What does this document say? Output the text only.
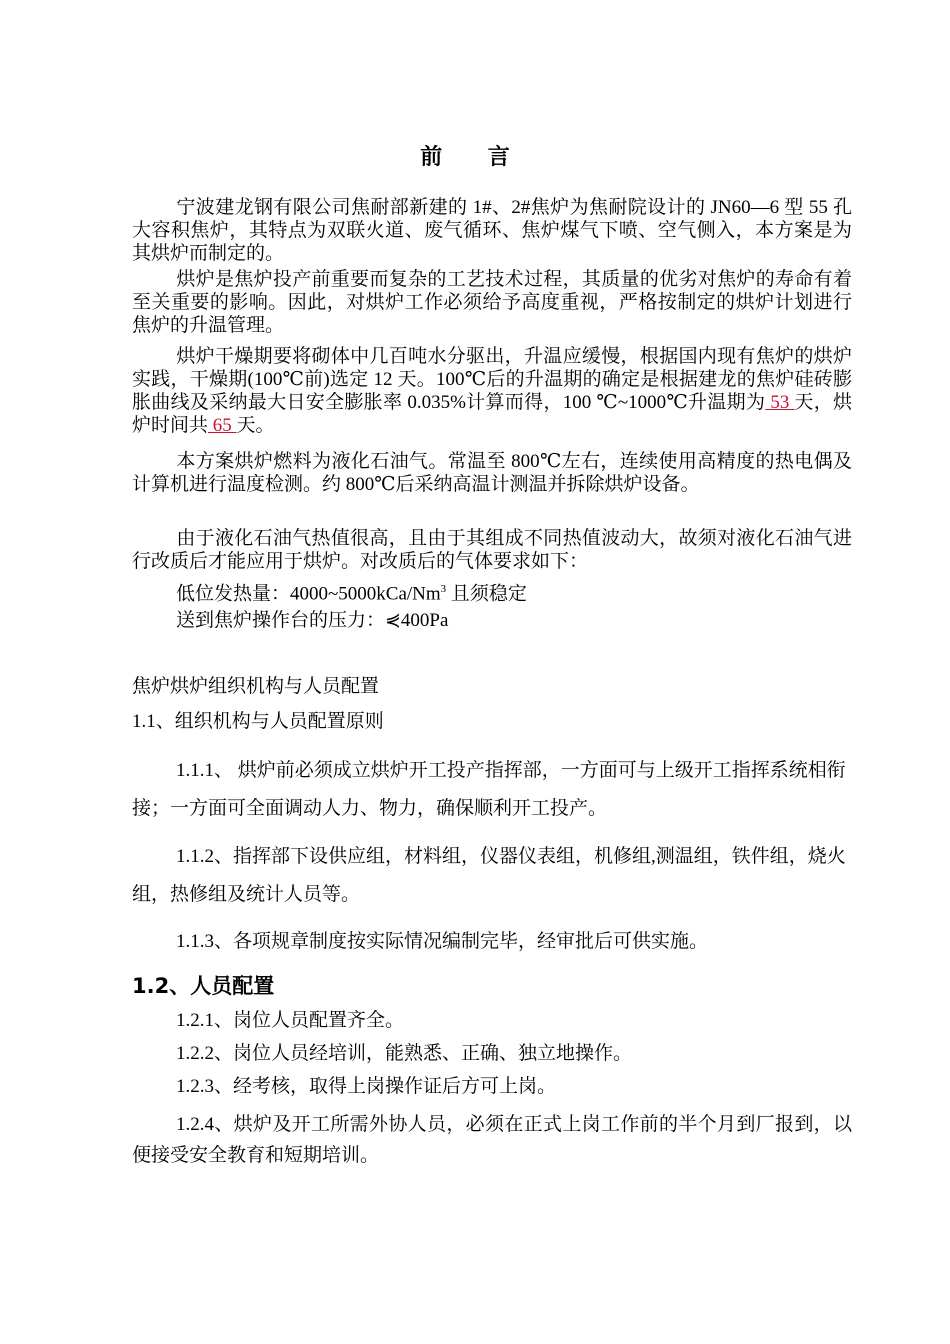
前 言
宁波建龙钢有限公司焦耐部新建的 1#、2#焦炉为焦耐院设计的 JN60—6 型 55 孔大容积焦炉，其特点为双联火道、废气循环、焦炉煤气下喷、空气侧入，本方案是为其烘炉而制定的。
烘炉是焦炉投产前重要而复杂的工艺技术过程，其质量的优劣对焦炉的寿命有着至关重要的影响。因此，对烘炉工作必须给予高度重视，严格按制定的烘炉计划进行焦炉的升温管理。
烘炉干燥期要将砌体中几百吨水分驱出，升温应缓慢，根据国内现有焦炉的烘炉实践，干燥期(100℃前)选定 12 天。100℃后的升温期的确定是根据建龙的焦炉硅砖膨胀曲线及采纳最大日安全膨胀率 0.035%计算而得，100 ℃~1000℃升温期为 53 天，烘炉时间共 65 天。
本方案烘炉燃料为液化石油气。常温至 800℃左右，连续使用高精度的热电偶及计算机进行温度检测。约 800℃后采纳高温计测温并拆除烘炉设备。
由于液化石油气热值很高，且由于其组成不同热值波动大，故须对液化石油气进行改质后才能应用于烘炉。对改质后的气体要求如下：
低位发热量：4000~5000kCa/Nm$^3$ 且须稳定
送到焦炉操作台的压力：⋞400Pa
焦炉烘炉组织机构与人员配置
1.1、组织机构与人员配置原则
1.1.1、 烘炉前必须成立烘炉开工投产指挥部，一方面可与上级开工指挥系统相衔接；一方面可全面调动人力、物力，确保顺利开工投产。
1.1.2、指挥部下设供应组，材料组，仪器仪表组，机修组,测温组，铁件组，烧火组，热修组及统计人员等。
1.1.3、各项规章制度按实际情况编制完毕，经审批后可供实施。
1.2、人员配置
1.2.1、岗位人员配置齐全。
1.2.2、岗位人员经培训，能熟悉、正确、独立地操作。
1.2.3、经考核，取得上岗操作证后方可上岗。
1.2.4、烘炉及开工所需外协人员，必须在正式上岗工作前的半个月到厂报到，以便接受安全教育和短期培训。
